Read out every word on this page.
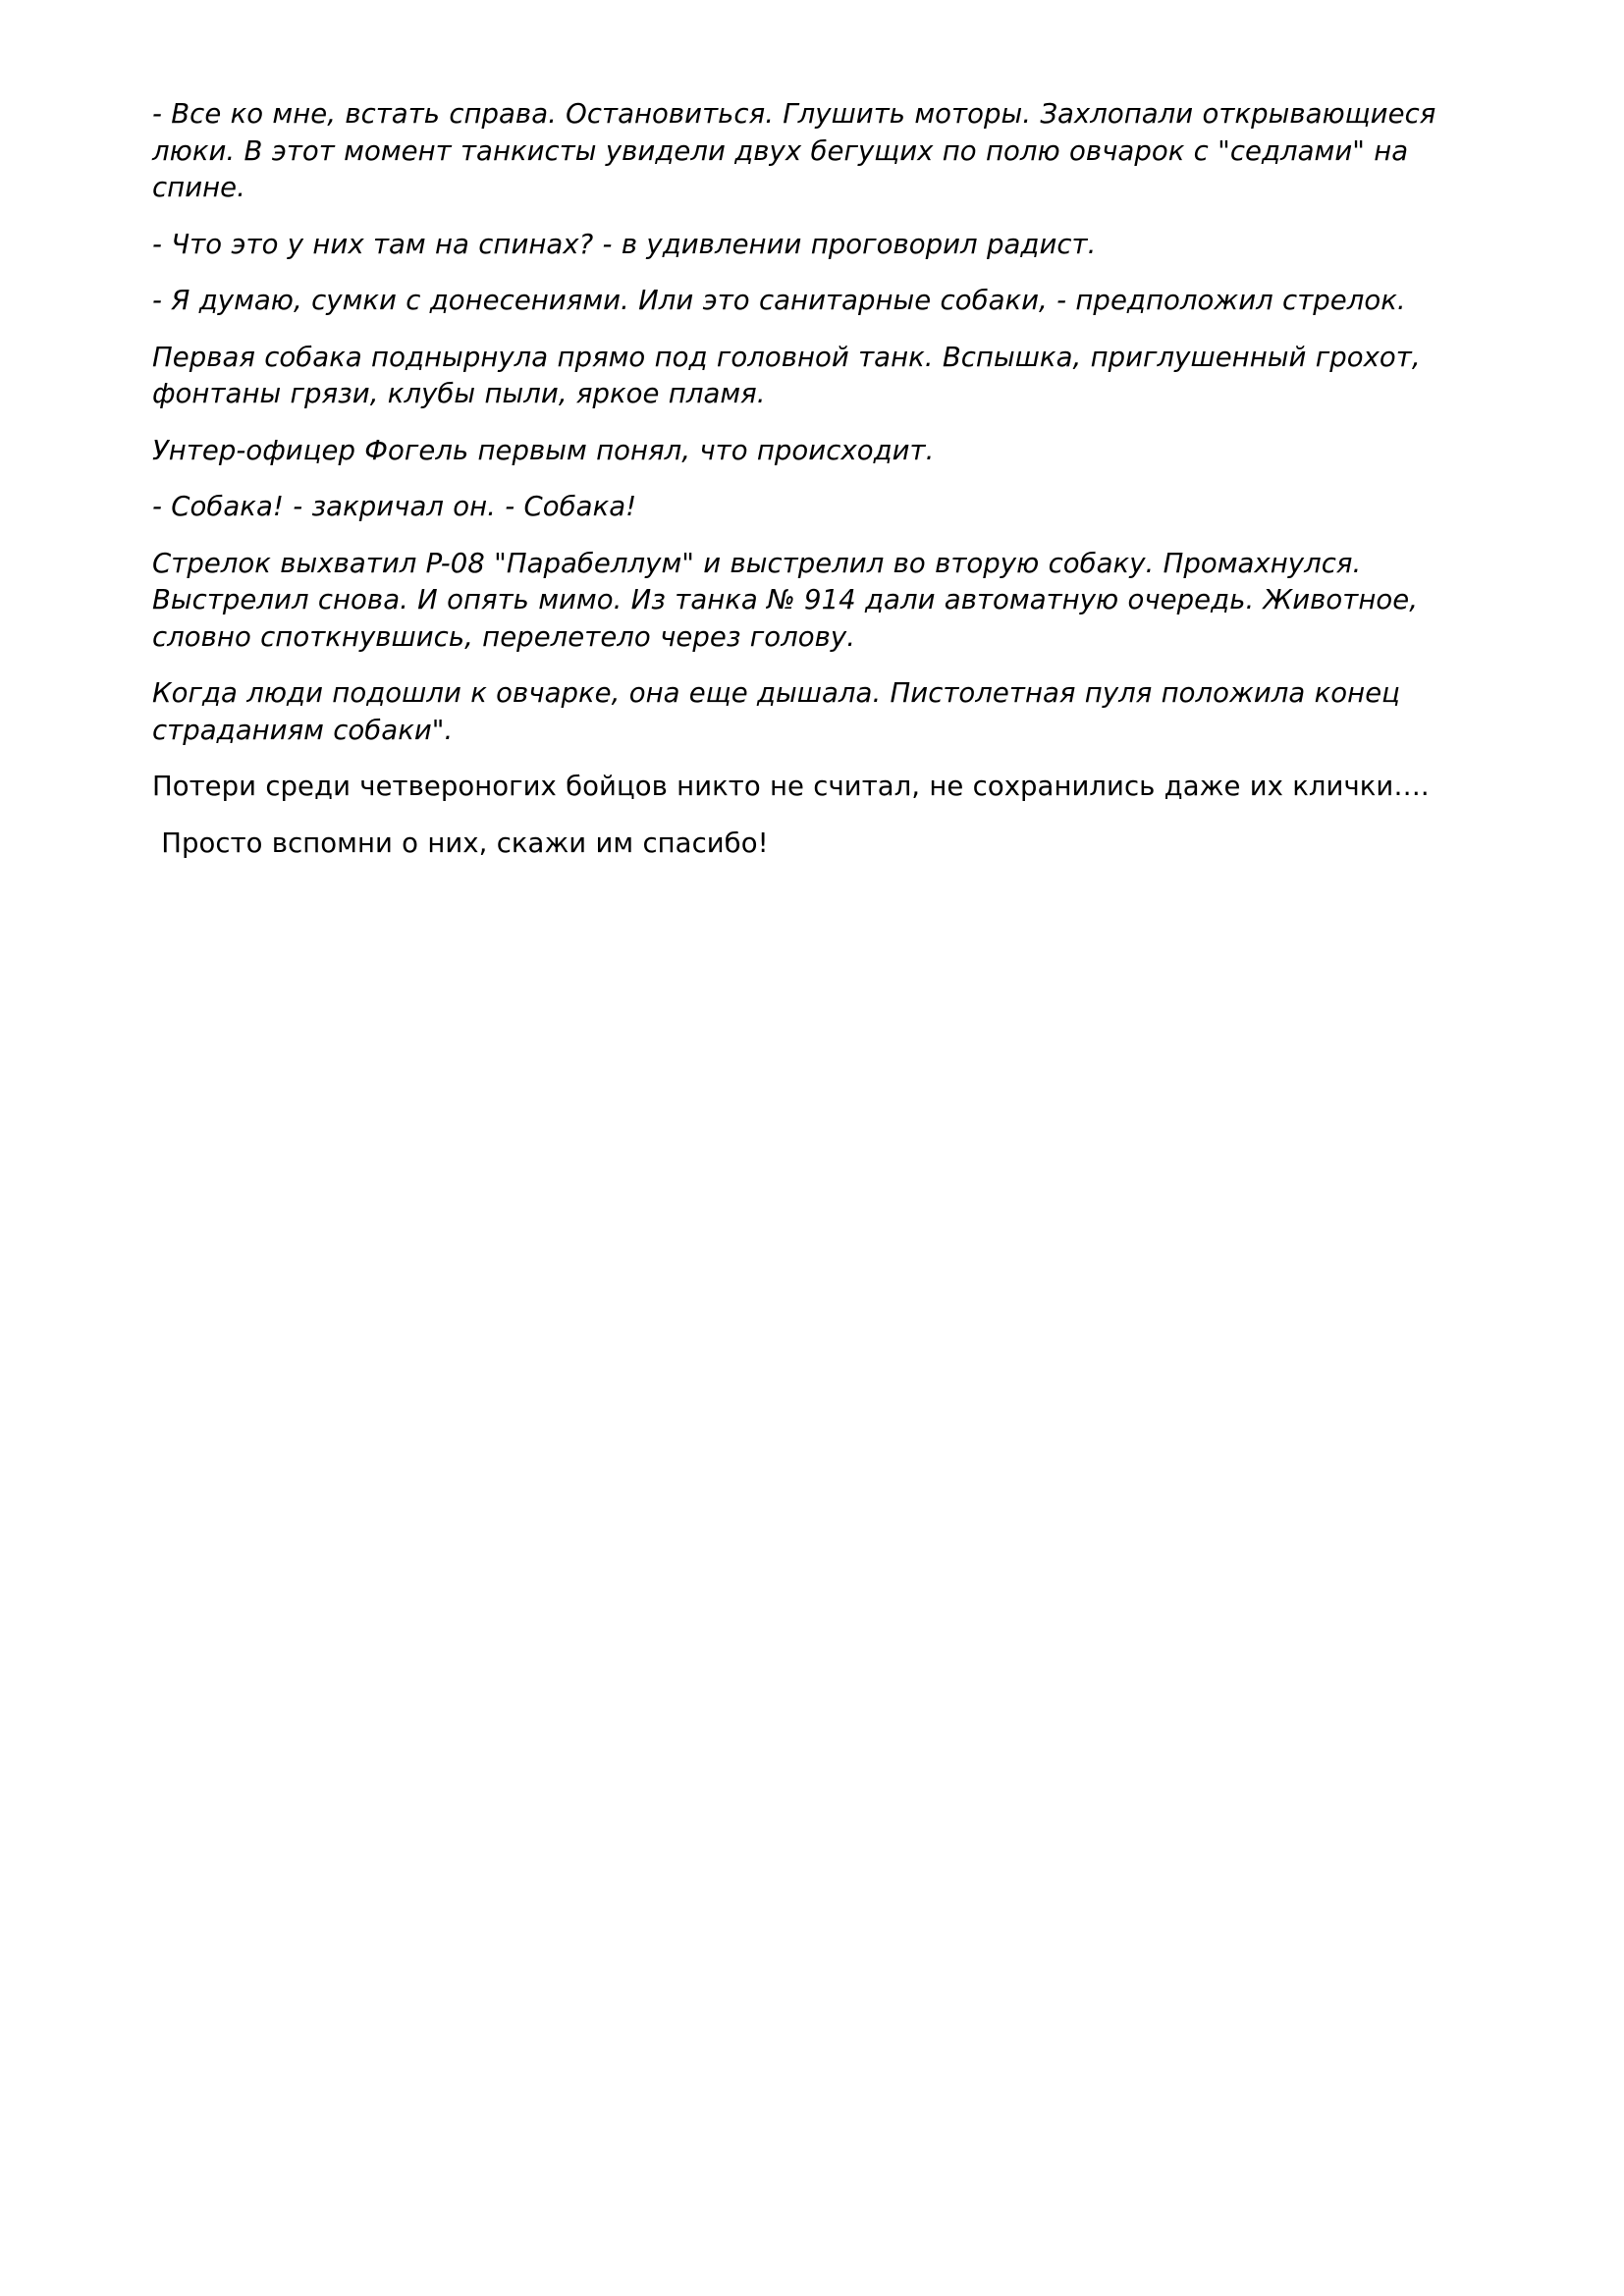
- Все ко мне, встать справа. Остановиться. Глушить моторы. Захлопали открывающиеся люки. В этот момент танкисты увидели двух бегущих по полю овчарок с "седлами" на спине.

- Что это у них там на спинах? - в удивлении проговорил радист.

- Я думаю, сумки с донесениями. Или это санитарные собаки, - предположил стрелок.

Первая собака поднырнула прямо под головной танк. Вспышка, приглушенный грохот, фонтаны грязи, клубы пыли, яркое пламя.

Унтер-офицер Фогель первым понял, что происходит.

- Собака! - закричал он. - Собака!

Стрелок выхватил P-08 "Парабеллум" и выстрелил во вторую собаку. Промахнулся. Выстрелил снова. И опять мимо. Из танка № 914 дали автоматную очередь. Животное, словно споткнувшись, перелетело через голову.

Когда люди подошли к овчарке, она еще дышала. Пистолетная пуля положила конец страданиям собаки".

Потери среди четвероногих бойцов никто не считал, не сохранились даже их клички….

Просто вспомни о них, скажи им спасибо!
